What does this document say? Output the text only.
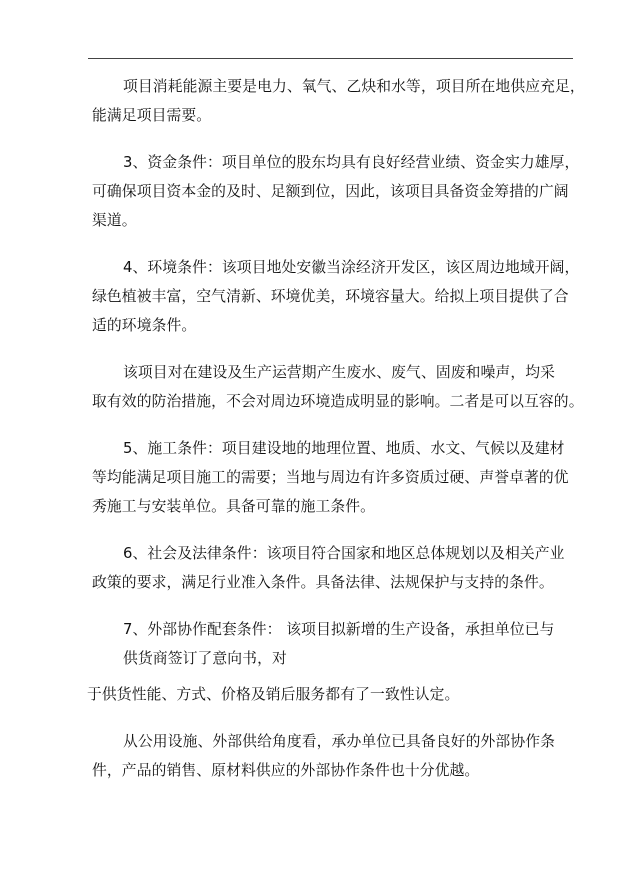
项目消耗能源主要是电力、氧气、乙炔和水等，项目所在地供应充足，
能满足项目需要。

3、资金条件：项目单位的股东均具有良好经营业绩、资金实力雄厚，
可确保项目资本金的及时、足额到位，因此，该项目具备资金筹措的广阔
渠道。

4、环境条件：该项目地处安徽当涂经济开发区，该区周边地域开阔，
绿色植被丰富，空气清新、环境优美，环境容量大。给拟上项目提供了合
适的环境条件。

该项目对在建设及生产运营期产生废水、废气、固废和噪声，均采
取有效的防治措施，不会对周边环境造成明显的影响。二者是可以互容的。

5、施工条件：项目建设地的地理位置、地质、水文、气候以及建材
等均能满足项目施工的需要；当地与周边有许多资质过硬、声誉卓著的优
秀施工与安装单位。具备可靠的施工条件。

6、社会及法律条件：该项目符合国家和地区总体规划以及相关产业
政策的要求，满足行业准入条件。具备法律、法规保护与支持的条件。

7、外部协作配套条件： 该项目拟新增的生产设备，承担单位已与
供货商签订了意向书，对

于供货性能、方式、价格及销后服务都有了一致性认定。

从公用设施、外部供给角度看，承办单位已具备良好的外部协作条
件，产品的销售、原材料供应的外部协作条件也十分优越。
